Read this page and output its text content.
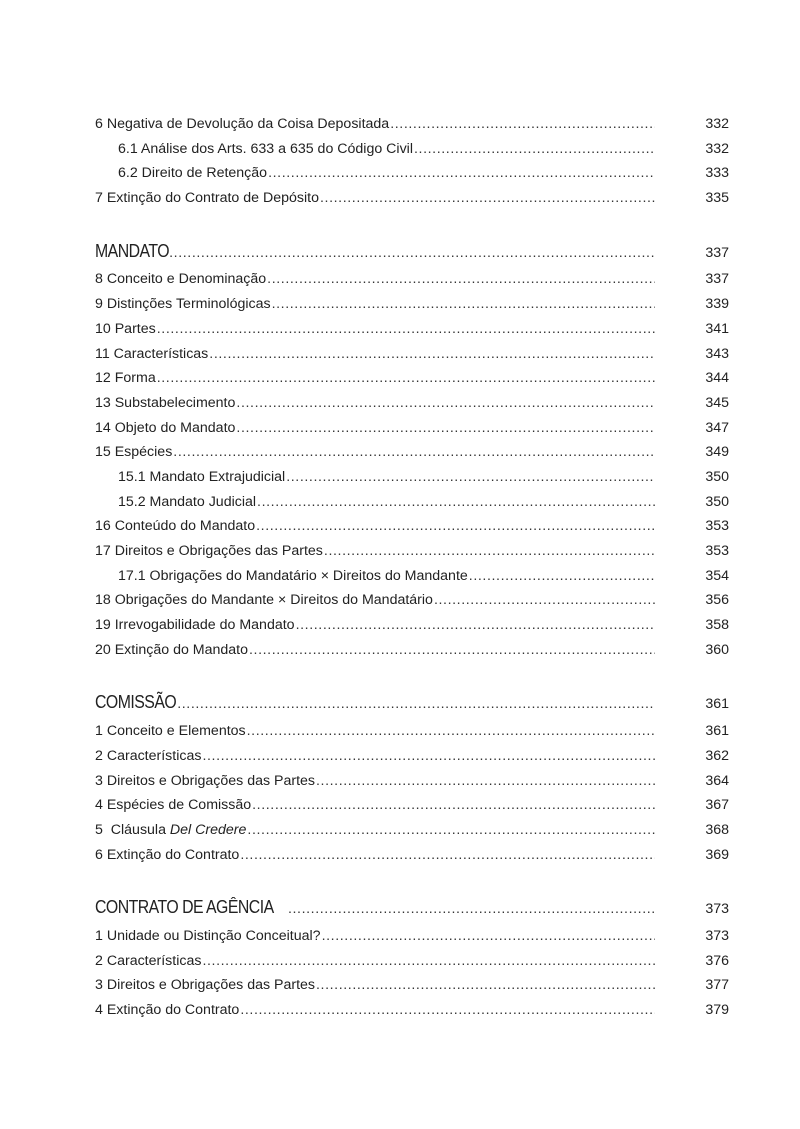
6 Negativa de Devolução da Coisa Depositada .....	332
6.1 Análise dos Arts. 633 a 635 do Código Civil .....	332
6.2 Direito de Retenção .....	333
7 Extinção do Contrato de Depósito .....	335
MANDATO .....	337
8 Conceito e Denominação .....	337
9 Distinções Terminológicas .....	339
10 Partes .....	341
11 Características .....	343
12 Forma .....	344
13 Substabelecimento .....	345
14 Objeto do Mandato .....	347
15 Espécies .....	349
15.1 Mandato Extrajudicial .....	350
15.2 Mandato Judicial .....	350
16 Conteúdo do Mandato .....	353
17 Direitos e Obrigações das Partes .....	353
17.1 Obrigações do Mandatário × Direitos do Mandante .....	354
18 Obrigações do Mandante × Direitos do Mandatário .....	356
19 Irrevogabilidade do Mandato .....	358
20 Extinção do Mandato .....	360
COMISSÃO .....	361
1 Conceito e Elementos .....	361
2 Características .....	362
3 Direitos e Obrigações das Partes .....	364
4 Espécies de Comissão .....	367
5  Cláusula Del Credere .....	368
6 Extinção do Contrato .....	369
CONTRATO DE AGÊNCIA .....	373
1 Unidade ou Distinção Conceitual? .....	373
2 Características .....	376
3 Direitos e Obrigações das Partes .....	377
4 Extinção do Contrato .....	379
